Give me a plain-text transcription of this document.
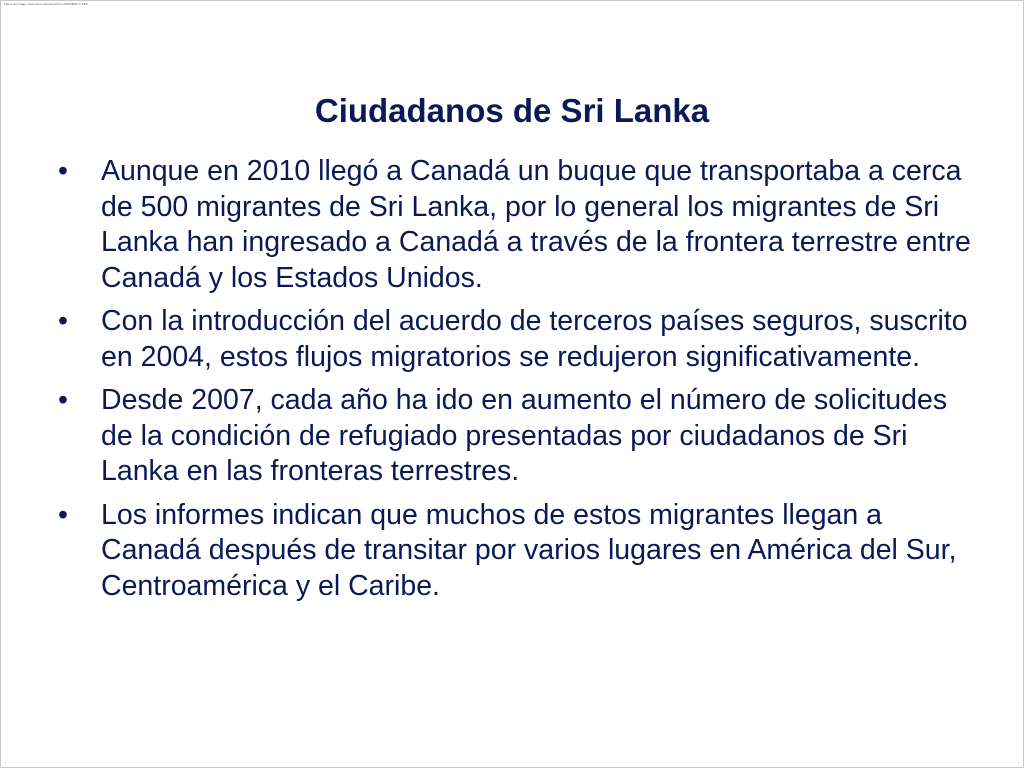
This is an image / document recovered from ACROBAT or PDF.
Ciudadanos de Sri Lanka
• Aunque en 2010 llegó a Canadá un buque que transportaba a cerca de 500 migrantes de Sri Lanka, por lo general los migrantes de Sri Lanka han ingresado a Canadá a través de la frontera terrestre entre Canadá y los Estados Unidos.
• Con la introducción del acuerdo de terceros países seguros, suscrito en 2004, estos flujos migratorios se redujeron significativamente.
• Desde 2007, cada año ha ido en aumento el número de solicitudes de la condición de refugiado presentadas por ciudadanos de Sri Lanka en las fronteras terrestres.
• Los informes indican que muchos de estos migrantes llegan a Canadá después de transitar por varios lugares en América del Sur, Centroamérica y el Caribe.
